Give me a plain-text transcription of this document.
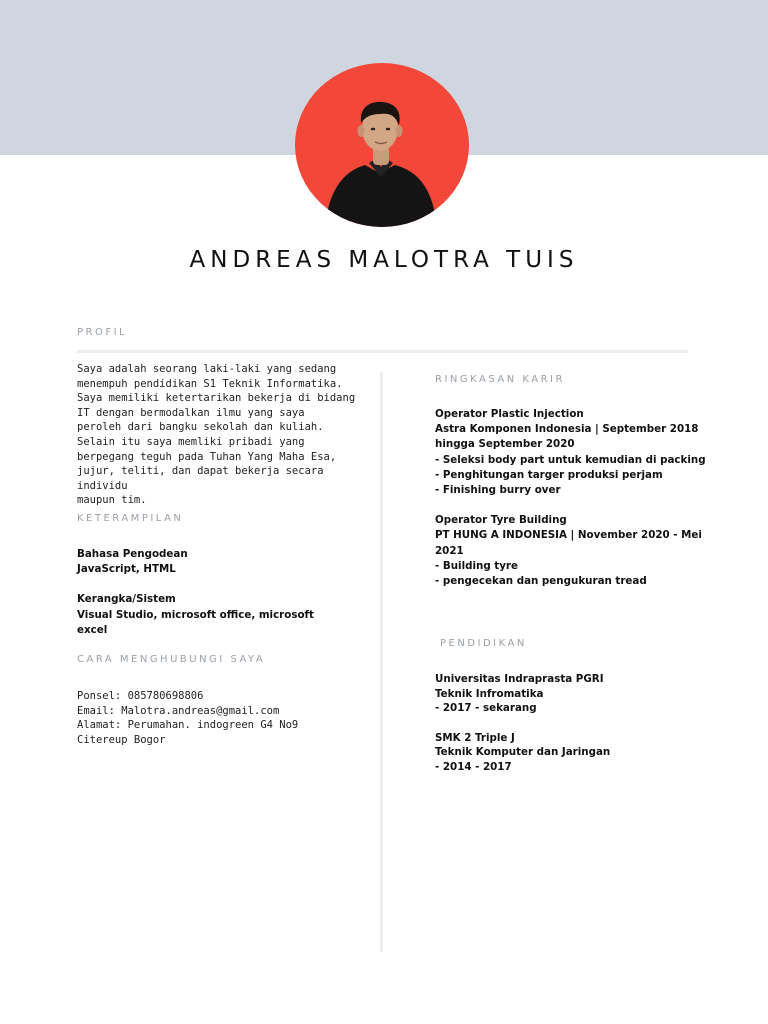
ANDREAS MALOTRA TUIS
PROFIL

Saya adalah seorang laki-laki yang sedang

menempuh pendidikan S1 Teknik Informatika.

Saya memiliki ketertarikan bekerja di bidang

IT dengan bermodalkan ilmu yang saya

peroleh dari bangku sekolah dan kuliah.

Selain itu saya memliki pribadi yang

berpegang teguh pada Tuhan Yang Maha Esa,

jujur, teliti, dan dapat bekerja secara individu

maupun tim.

KETERAMPILAN
Bahasa Pengodean
JavaScript, HTML
Kerangka/Sistem
Visual Studio, microsoft office, microsoft
excel
CARA MENGHUBUNGI SAYA

Ponsel: 085780698806

Email: Malotra.andreas@gmail.com

Alamat: Perumahan. indogreen G4 No9

Citereup Bogor

RINGKASAN KARIR
Operator Plastic Injection
Astra Komponen Indonesia | September 2018
hingga September 2020
- Seleksi body part untuk kemudian di packing
- Penghitungan targer produksi perjam
- Finishing burry over
Operator Tyre Building
PT HUNG A INDONESIA | November 2020 - Mei
2021
- Building tyre
- pengecekan dan pengukuran tread
PENDIDIKAN
Universitas Indraprasta PGRI
Teknik Infromatika
- 2017 - sekarang
SMK 2 Triple J
Teknik Komputer dan Jaringan
- 2014 - 2017
